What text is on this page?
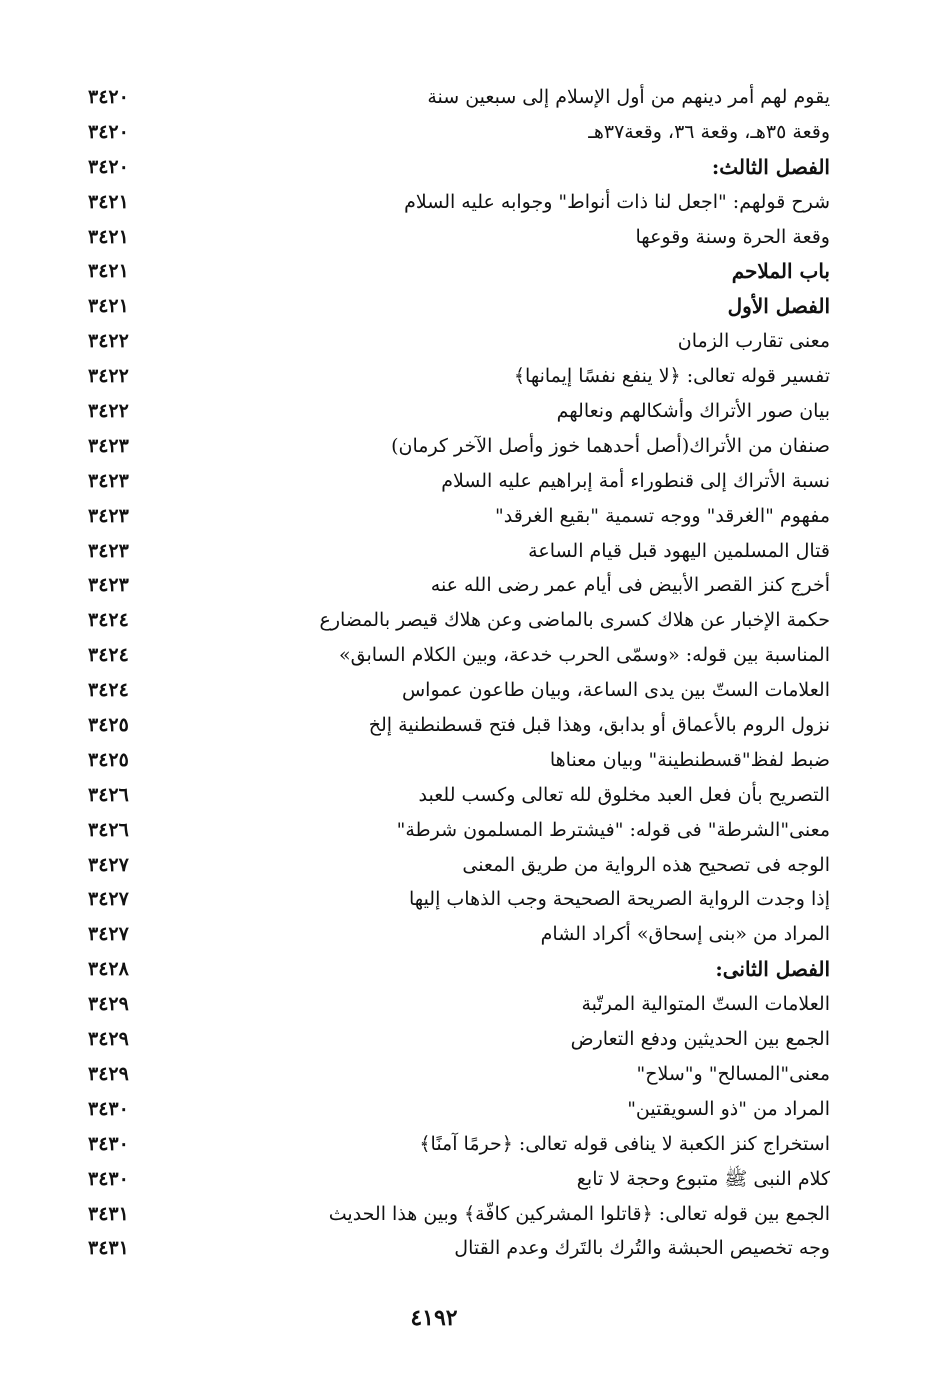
يقوم لهم أمر دينهم من أول الإسلام إلى سبعين سنة
٣٤٢٠
وقعة ٣٥هـ، وقعة ٣٦، وقعة٣٧هـ
٣٤٢٠
الفصل الثالث:
٣٤٢٠
شرح قولهم: "اجعل لنا ذات أنواط" وجوابه عليه السلام
٣٤٢١
وقعة الحرة وسنة وقوعها
٣٤٢١
باب الملاحم
٣٤٢١
الفصل الأول
٣٤٢١
معنى تقارب الزمان
٣٤٢٢
تفسير قوله تعالى: ﴿لا ينفع نفسًا إيمانها﴾
٣٤٢٢
بيان صور الأتراك وأشكالهم ونعالهم
٣٤٢٢
صنفان من الأتراك(أصل أحدهما خوز وأصل الآخر كرمان)
٣٤٢٣
نسبة الأتراك إلى قنطوراء أمة إبراهيم عليه السلام
٣٤٢٣
مفهوم "الغرقد" ووجه تسمية "بقيع الغرقد"
٣٤٢٣
قتال المسلمين اليهود قبل قيام الساعة
٣٤٢٣
أخرج كنز القصر الأبيض فى أيام عمر رضى الله عنه
٣٤٢٣
حكمة الإخبار عن هلاك كسرى بالماضى وعن هلاك قيصر بالمضارع
٣٤٢٤
المناسبة بين قوله: «وسمّى الحرب خدعة، وبين الكلام السابق»
٣٤٢٤
العلامات الستّ بين يدى الساعة، وبيان طاعون عمواس
٣٤٢٤
نزول الروم بالأعماق أو بدابق، وهذا قبل فتح قسطنطنية إلخ
٣٤٢٥
ضبط لفظ"قسطنطينة" وبيان معناها
٣٤٢٥
التصريح بأن فعل العبد مخلوق لله تعالى وكسب للعبد
٣٤٢٦
معنى"الشرطة" فى قوله: "فيشترط المسلمون شرطة"
٣٤٢٦
الوجه فى تصحيح هذه الرواية من طريق المعنى
٣٤٢٧
إذا وجدت الرواية الصريحة الصحيحة وجب الذهاب إليها
٣٤٢٧
المراد من «بنى إسحاق» أكراد الشام
٣٤٢٧
الفصل الثانى:
٣٤٢٨
العلامات الستّ المتوالية المرتّبة
٣٤٢٩
الجمع بين الحديثين ودفع التعارض
٣٤٢٩
معنى"المسالح" و"سلاح"
٣٤٢٩
المراد من "ذو السويقتين"
٣٤٣٠
استخراج كنز الكعبة لا ينافى قوله تعالى: ﴿حرمًا آمنًا﴾
٣٤٣٠
كلام النبى ﷺ متبوع وحجة لا تابع
٣٤٣٠
الجمع بين قوله تعالى: ﴿قاتلوا المشركين كافّة﴾ وبين هذا الحديث
٣٤٣١
وجه تخصيص الحبشة والتُرك بالتَرك وعدم القتال
٣٤٣١
٤١٩٢
